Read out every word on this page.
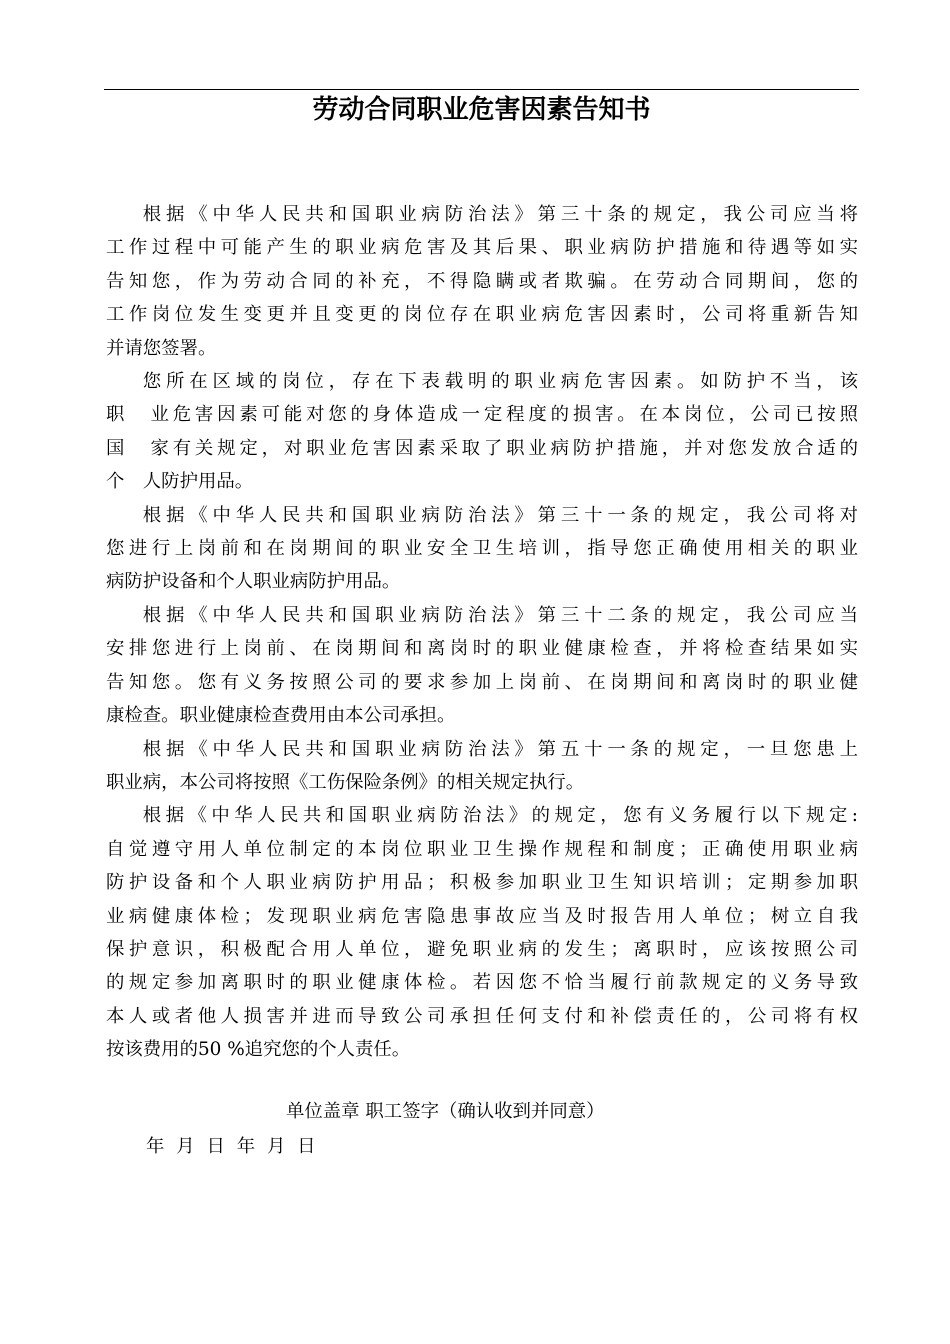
劳动合同职业危害因素告知书
根据《中华人民共和国职业病防治法》第三十条的规定，我公司应当将
工作过程中可能产生的职业病危害及其后果、职业病防护措施和待遇等如实
告知您，作为劳动合同的补充，不得隐瞒或者欺骗。在劳动合同期间，您的
工作岗位发生变更并且变更的岗位存在职业病危害因素时，公司将重新告知
并请您签署。
您所在区域的岗位，存在下表载明的职业病危害因素。如防护不当，该
职　业危害因素可能对您的身体造成一定程度的损害。在本岗位，公司已按照
国　家有关规定，对职业危害因素采取了职业病防护措施，并对您发放合适的
个　人防护用品。
根据《中华人民共和国职业病防治法》第三十一条的规定，我公司将对
您进行上岗前和在岗期间的职业安全卫生培训，指导您正确使用相关的职业
病防护设备和个人职业病防护用品。
根据《中华人民共和国职业病防治法》第三十二条的规定，我公司应当
安排您进行上岗前、在岗期间和离岗时的职业健康检查，并将检查结果如实
告知您。您有义务按照公司的要求参加上岗前、在岗期间和离岗时的职业健
康检查。职业健康检查费用由本公司承担。
根据《中华人民共和国职业病防治法》第五十一条的规定，一旦您患上
职业病，本公司将按照《工伤保险条例》的相关规定执行。
根据《中华人民共和国职业病防治法》的规定，您有义务履行以下规定:
自觉遵守用人单位制定的本岗位职业卫生操作规程和制度；正确使用职业病
防护设备和个人职业病防护用品；积极参加职业卫生知识培训；定期参加职
业病健康体检；发现职业病危害隐患事故应当及时报告用人单位；树立自我
保护意识，积极配合用人单位，避免职业病的发生；离职时，应该按照公司
的规定参加离职时的职业健康体检。若因您不恰当履行前款规定的义务导致
本人或者他人损害并进而导致公司承担任何支付和补偿责任的，公司将有权
按该费用的50 %追究您的个人责任。
单位盖章 职工签字（确认收到并同意）
年 月 日 年 月 日
